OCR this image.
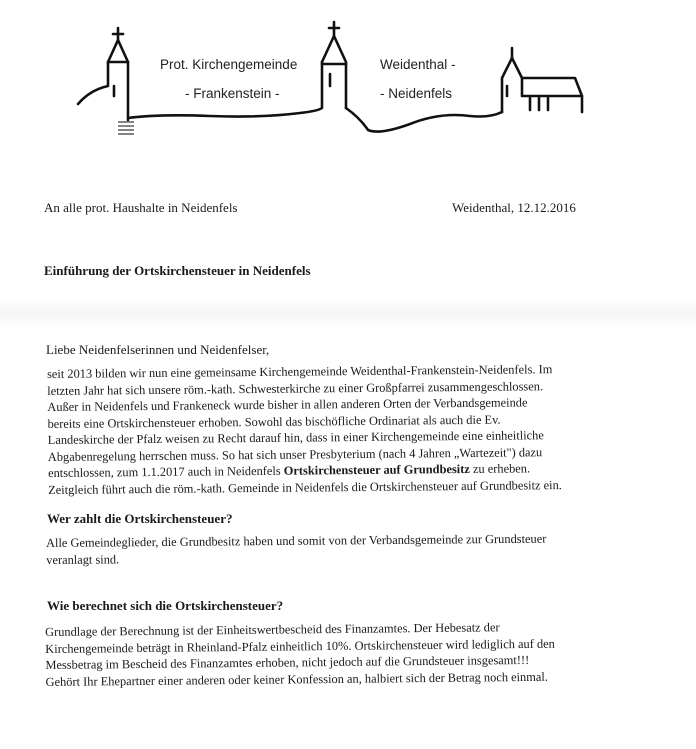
Prot. Kirchengemeinde
- Frankenstein -
Weidenthal -
- Neidenfels
An alle prot. Haushalte in Neidenfels	Weidenthal, 12.12.2016
Einführung der Ortskirchensteuer in Neidenfels
Liebe Neidenfelserinnen und Neidenfelser,
seit 2013 bilden wir nun eine gemeinsame Kirchengemeinde Weidenthal-Frankenstein-Neidenfels. Im
letzten Jahr hat sich unsere röm.-kath. Schwesterkirche zu einer Großpfarrei zusammengeschlossen.
Außer in Neidenfels und Frankeneck wurde bisher in allen anderen Orten der Verbandsgemeinde
bereits eine Ortskirchensteuer erhoben. Sowohl das bischöfliche Ordinariat als auch die Ev.
Landeskirche der Pfalz weisen zu Recht darauf hin, dass in einer Kirchengemeinde eine einheitliche
Abgabenregelung herrschen muss. So hat sich unser Presbyterium (nach 4 Jahren „Wartezeit") dazu
entschlossen, zum 1.1.2017 auch in Neidenfels Ortskirchensteuer auf Grundbesitz zu erheben.
Zeitgleich führt auch die röm.-kath. Gemeinde in Neidenfels die Ortskirchensteuer auf Grundbesitz ein.
Wer zahlt die Ortskirchensteuer?
Alle Gemeindeglieder, die Grundbesitz haben und somit von der Verbandsgemeinde zur Grundsteuer
veranlagt sind.
Wie berechnet sich die Ortskirchensteuer?
Grundlage der Berechnung ist der Einheitswertbescheid des Finanzamtes. Der Hebesatz der
Kirchengemeinde beträgt in Rheinland-Pfalz einheitlich 10%. Ortskirchensteuer wird lediglich auf den
Messbetrag im Bescheid des Finanzamtes erhoben, nicht jedoch auf die Grundsteuer insgesamt!!!
Gehört Ihr Ehepartner einer anderen oder keiner Konfession an, halbiert sich der Betrag noch einmal.
